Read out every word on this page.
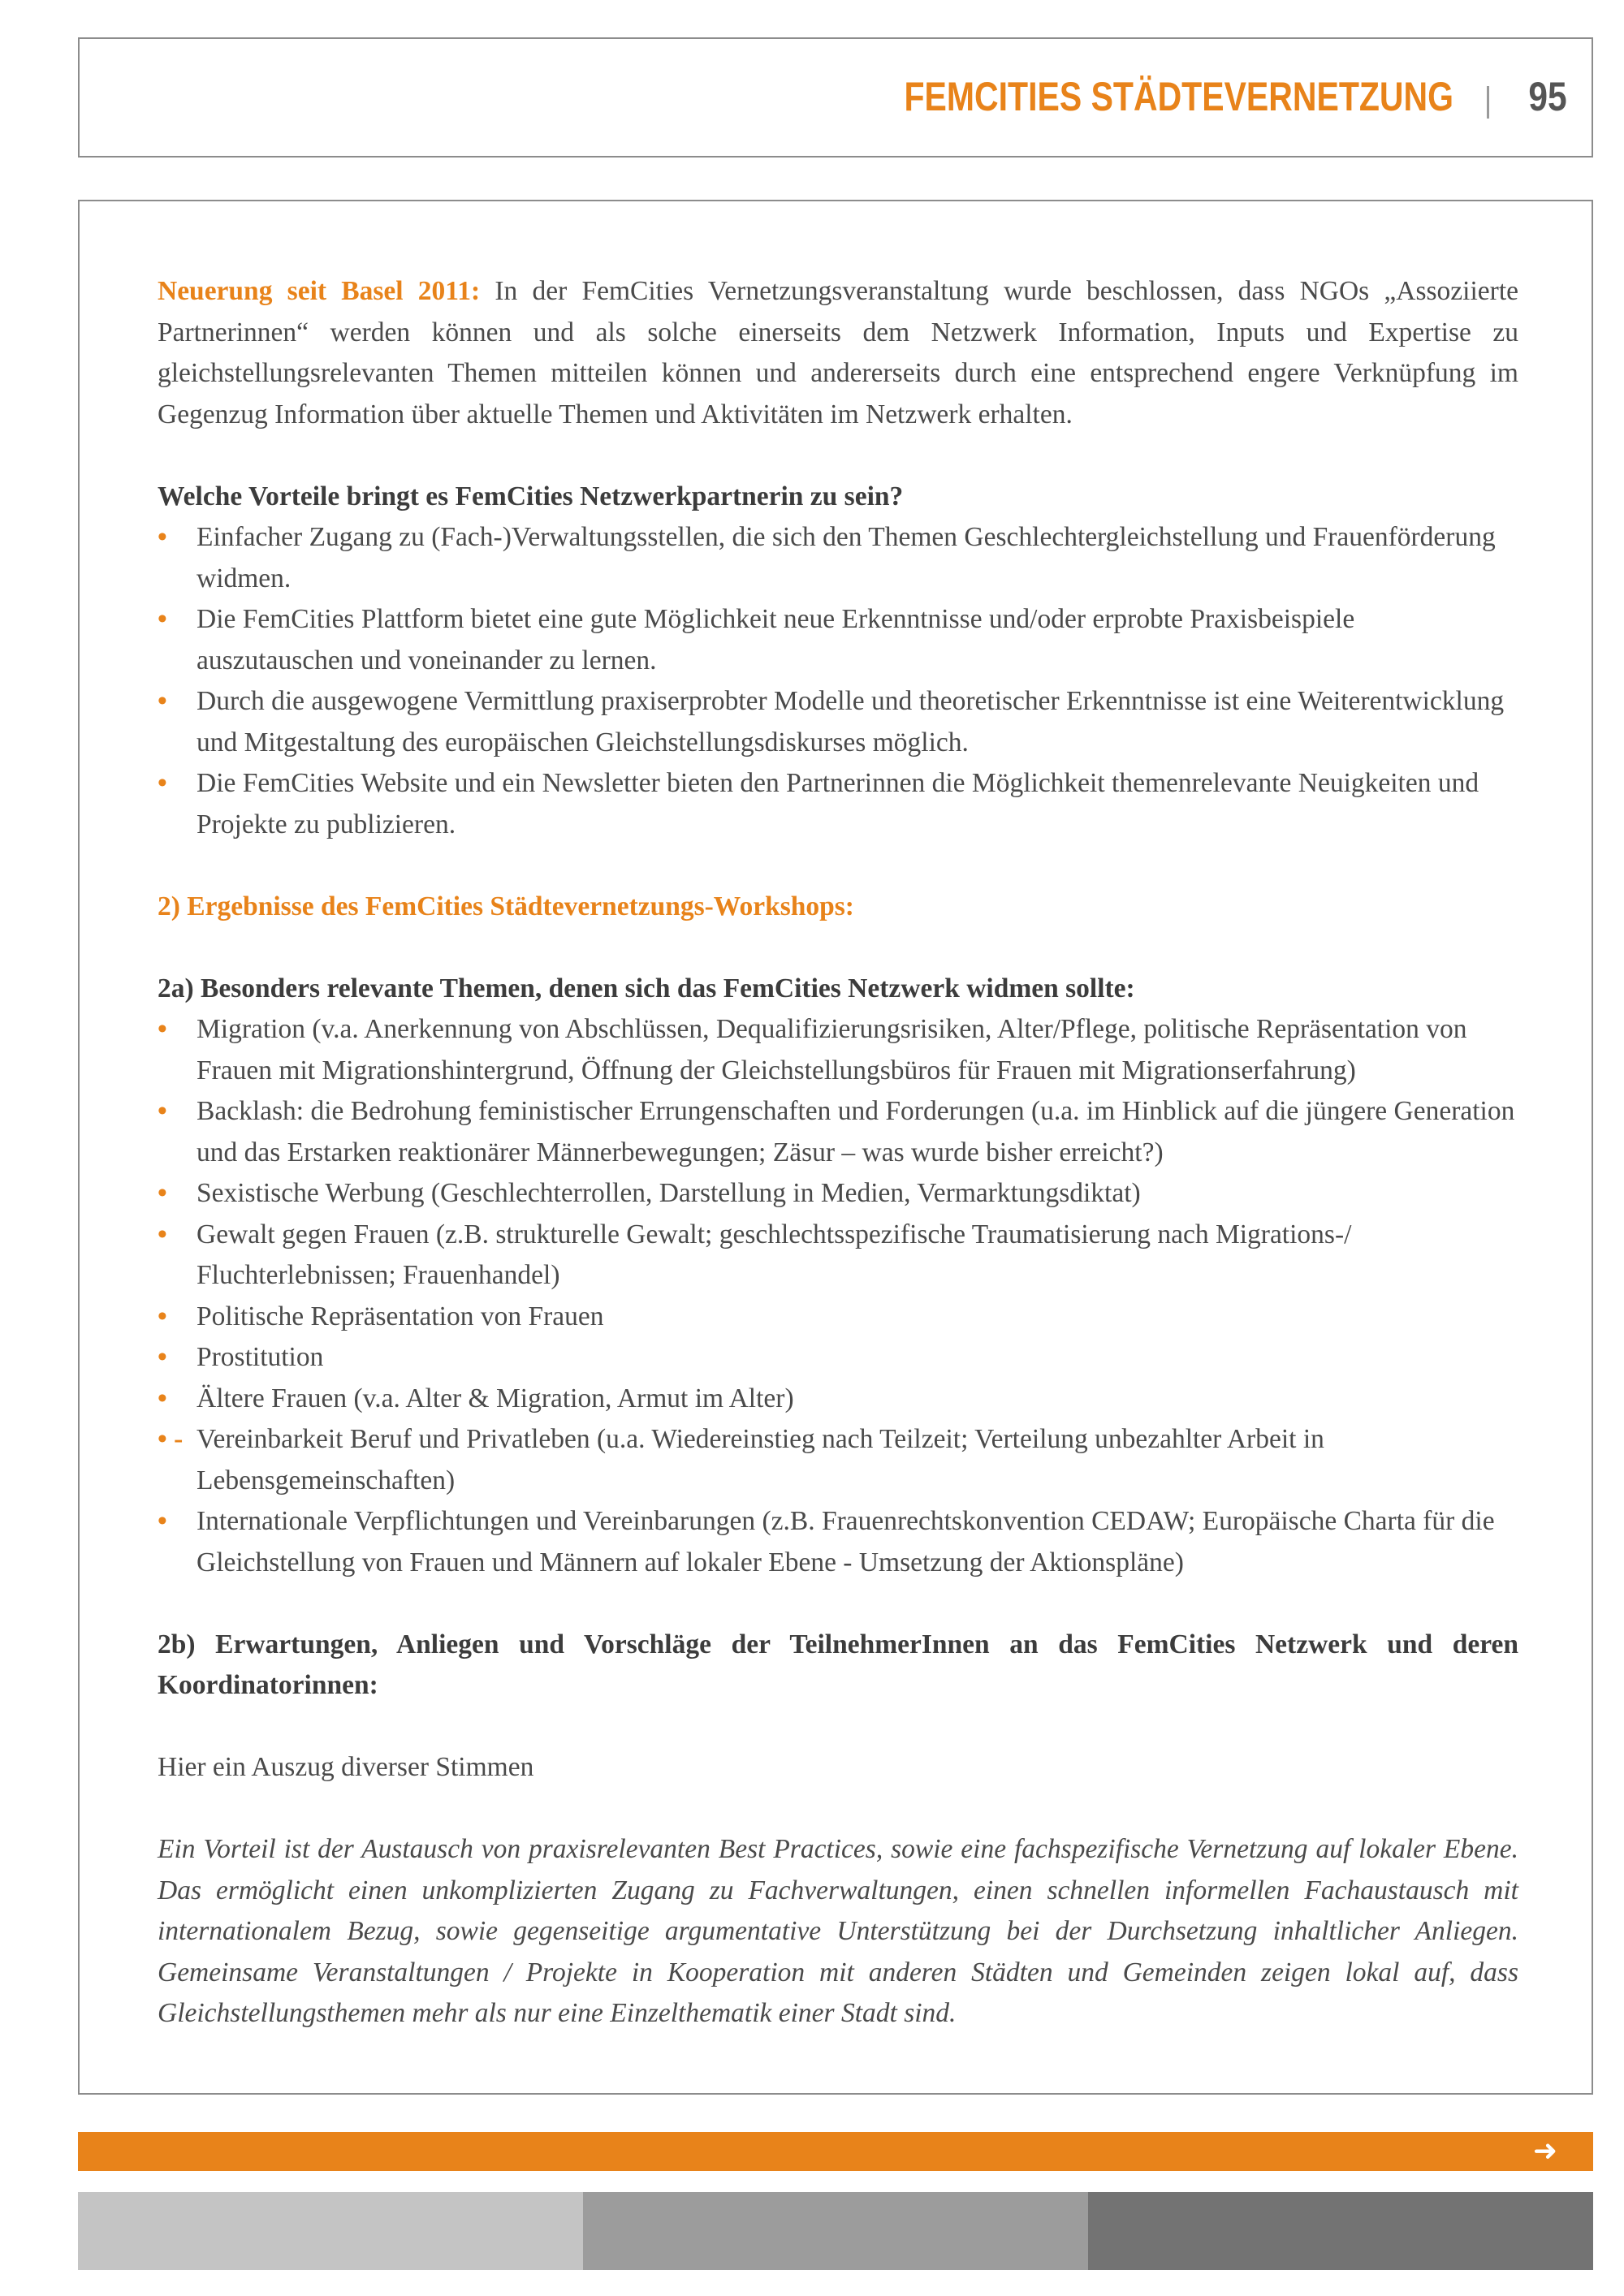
FEMCITIES STÄDTEVERNETZUNG 95

Neuerung seit Basel 2011: In der FemCities Vernetzungsveranstaltung wurde beschlossen, dass NGOs „Assoziierte Partnerinnen“ werden können und als solche einerseits dem Netzwerk Information, Inputs und Expertise zu gleichstellungsrelevanten Themen mitteilen können und andererseits durch eine entsprechend engere Verknüpfung im Gegenzug Information über aktuelle Themen und Aktivitäten im Netzwerk erhalten.

Welche Vorteile bringt es FemCities Netzwerkpartnerin zu sein?

• Einfacher Zugang zu (Fach-)Verwaltungsstellen, die sich den Themen Geschlechtergleichstellung und Frauenförderung widmen.
• Die FemCities Plattform bietet eine gute Möglichkeit neue Erkenntnisse und/oder erprobte Praxisbeispiele auszutauschen und voneinander zu lernen.
• Durch die ausgewogene Vermittlung praxiserprobter Modelle und theoretischer Erkenntnisse ist eine Weiterentwicklung und Mitgestaltung des europäischen Gleichstellungsdiskurses möglich.
• Die FemCities Website und ein Newsletter bieten den Partnerinnen die Möglichkeit themenrelevante Neuigkeiten und Projekte zu publizieren.

2) Ergebnisse des FemCities Städtevernetzungs-Workshops:

2a) Besonders relevante Themen, denen sich das FemCities Netzwerk widmen sollte:

• Migration (v.a. Anerkennung von Abschlüssen, Dequalifizierungsrisiken, Alter/Pflege, politische Repräsentation von Frauen mit Migrationshintergrund, Öffnung der Gleichstellungsbüros für Frauen mit Migrationserfahrung)
• Backlash: die Bedrohung feministischer Errungenschaften und Forderungen (u.a. im Hinblick auf die jüngere Generation und das Erstarken reaktionärer Männerbewegungen; Zäsur – was wurde bisher erreicht?)
• Sexistische Werbung (Geschlechterrollen, Darstellung in Medien, Vermarktungsdiktat)
• Gewalt gegen Frauen (z.B. strukturelle Gewalt; geschlechtsspezifische Traumatisierung nach Migrations-/ Fluchterlebnissen; Frauenhandel)
• Politische Repräsentation von Frauen
• Prostitution
• Ältere Frauen (v.a. Alter & Migration, Armut im Alter)
• - Vereinbarkeit Beruf und Privatleben (u.a. Wiedereinstieg nach Teilzeit; Verteilung unbezahlter Arbeit in Lebensgemeinschaften)
• Internationale Verpflichtungen und Vereinbarungen (z.B. Frauenrechtskonvention CEDAW; Europäische Charta für die Gleichstellung von Frauen und Männern auf lokaler Ebene - Umsetzung der Aktionspläne)

2b) Erwartungen, Anliegen und Vorschläge der TeilnehmerInnen an das FemCities Netzwerk und deren Koordinatorinnen:

Hier ein Auszug diverser Stimmen

Ein Vorteil ist der Austausch von praxisrelevanten Best Practices, sowie eine fachspezifische Vernetzung auf lokaler Ebene. Das ermöglicht einen unkomplizierten Zugang zu Fachverwaltungen, einen schnellen informellen Fachaustausch mit internationalem Bezug, sowie gegenseitige argumentative Unterstützung bei der Durchsetzung inhaltlicher Anliegen. Gemeinsame Veranstaltungen / Projekte in Kooperation mit anderen Städten und Gemeinden zeigen lokal auf, dass Gleichstellungsthemen mehr als nur eine Einzelthematik einer Stadt sind.

➜
